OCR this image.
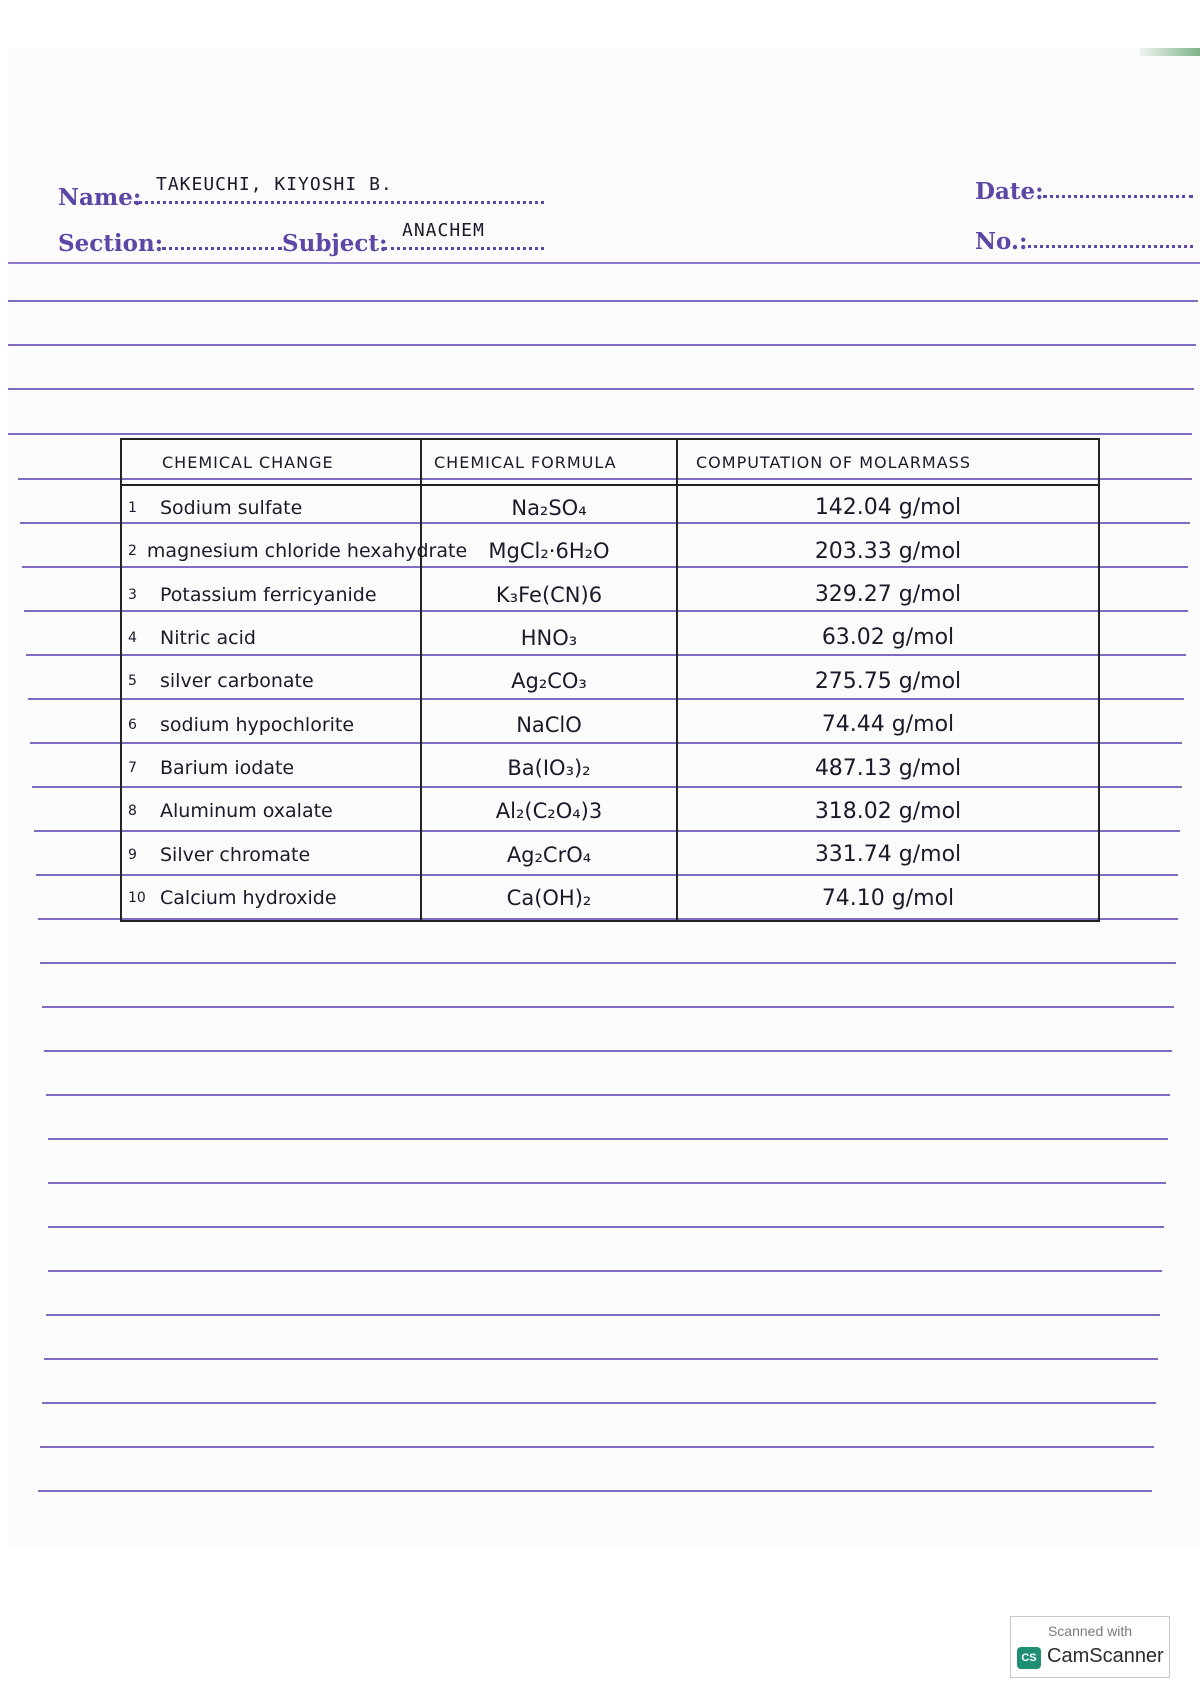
Name: TAKEUCHI, KIYOSHI B.	Date:
Section:	Subject: ANACHEM	No.:
CHEMICAL CHANGE	CHEMICAL FORMULA	COMPUTATION OF MOLARMASS

1 Sodium sulfate	Na₂SO₄	142.04 g/mol

2 magnesium chloride hexahydrate	MgCl₂·6H₂O	203.33 g/mol

3 Potassium ferricyanide	K₃Fe(CN)6	329.27 g/mol

4 Nitric acid	HNO₃	63.02 g/mol

5 silver carbonate	Ag₂CO₃	275.75 g/mol

6 sodium hypochlorite	NaClO	74.44 g/mol

7 Barium iodate	Ba(IO₃)₂	487.13 g/mol

8 Aluminum oxalate	Al₂(C₂O₄)3	318.02 g/mol

9 Silver chromate	Ag₂CrO₄	331.74 g/mol

10 Calcium hydroxide	Ca(OH)₂	74.10 g/mol
Scanned with
CS CamScanner
